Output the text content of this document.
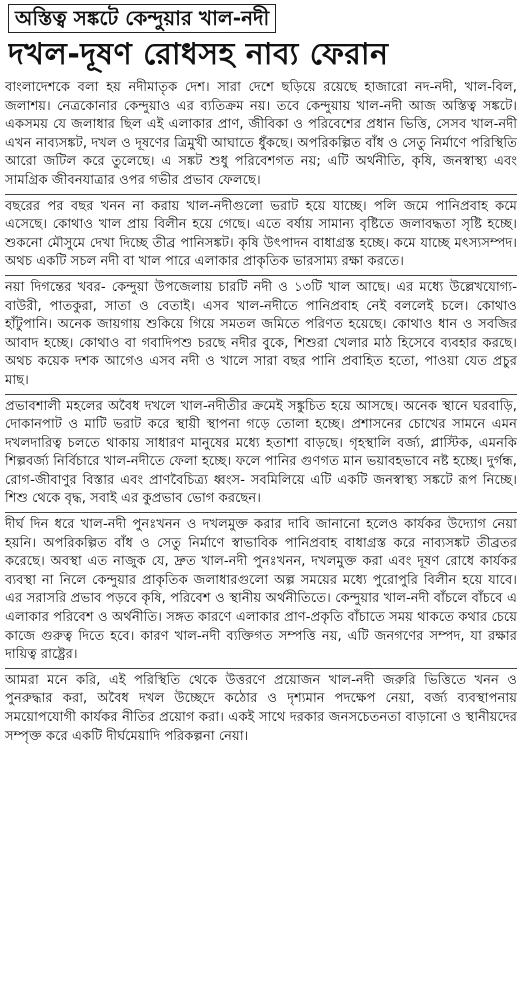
অস্তিত্ব সঙ্কটে কেন্দুয়ার খাল-নদী
দখল-দূষণ রোধসহ নাব্য ফেরান

বাংলাদেশকে বলা হয় নদীমাতৃক দেশ। সারা দেশে ছড়িয়ে রয়েছে হাজারো নদ-নদী, খাল-বিল, জলাশয়। নেত্রকোনার কেন্দুয়াও এর ব্যতিক্রম নয়। তবে কেন্দুয়ায় খাল-নদী আজ অস্তিত্ব সঙ্কটে। একসময় যে জলাধার ছিল এই এলাকার প্রাণ, জীবিকা ও পরিবেশের প্রধান ভিত্তি, সেসব খাল-নদী এখন নাব্যসঙ্কট, দখল ও দূষণের ত্রিমুখী আঘাতে ধুঁকছে। অপরিকল্পিত বাঁধ ও সেতু নির্মাণে পরিস্থিতি আরো জটিল করে তুলেছে। এ সঙ্কট শুধু পরিবেশগত নয়; এটি অর্থনীতি, কৃষি, জনস্বাস্থ্য এবং সামগ্রিক জীবনযাত্রার ওপর গভীর প্রভাব ফেলছে।

বছরের পর বছর খনন না করায় খাল-নদীগুলো ভরাট হয়ে যাচ্ছে। পলি জমে পানিপ্রবাহ কমে এসেছে। কোথাও খাল প্রায় বিলীন হয়ে গেছে। এতে বর্ষায় সামান্য বৃষ্টিতে জলাবদ্ধতা সৃষ্টি হচ্ছে। শুকনো মৌসুমে দেখা দিচ্ছে তীব্র পানিসঙ্কট। কৃষি উৎপাদন বাধাগ্রস্ত হচ্ছে। কমে যাচ্ছে মৎস্যসম্পদ। অথচ একটি সচল নদী বা খাল পারে এলাকার প্রাকৃতিক ভারসাম্য রক্ষা করতে।

নয়া দিগন্তের খবর- কেন্দুয়া উপজেলায় চারটি নদী ও ১৩টি খাল আছে। এর মধ্যে উল্লেখযোগ্য- বাউরী, পাতকুরা, সাতা ও বেতাই। এসব খাল-নদীতে পানিপ্রবাহ নেই বললেই চলে। কোথাও হাঁটুপানি। অনেক জায়গায় শুকিয়ে গিয়ে সমতল জমিতে পরিণত হয়েছে। কোথাও ধান ও সবজির আবাদ হচ্ছে। কোথাও বা গবাদিপশু চরছে নদীর বুকে, শিশুরা খেলার মাঠ হিসেবে ব্যবহার করছে। অথচ কয়েক দশক আগেও এসব নদী ও খালে সারা বছর পানি প্রবাহিত হতো, পাওয়া যেত প্রচুর মাছ।

প্রভাবশালী মহলের অবৈধ দখলে খাল-নদীতীর ক্রমেই সঙ্কুচিত হয়ে আসছে। অনেক স্থানে ঘরবাড়ি, দোকানপাট ও মাটি ভরাট করে স্থায়ী স্থাপনা গড়ে তোলা হচ্ছে। প্রশাসনের চোখের সামনে এমন দখলদারিত্ব চলতে থাকায় সাধারণ মানুষের মধ্যে হতাশা বাড়ছে। গৃহস্থালি বর্জ্য, প্লাস্টিক, এমনকি শিল্পবর্জ্য নির্বিচারে খাল-নদীতে ফেলা হচ্ছে। ফলে পানির গুণগত মান ভয়াবহভাবে নষ্ট হচ্ছে। দুর্গন্ধ, রোগ-জীবাণুর বিস্তার এবং প্রাণবৈচিত্র্য ধ্বংস- সবমিলিয়ে এটি একটি জনস্বাস্থ্য সঙ্কটে রূপ নিচ্ছে। শিশু থেকে বৃদ্ধ, সবাই এর কুপ্রভাব ভোগ করছেন।

দীর্ঘ দিন ধরে খাল-নদী পুনঃখনন ও দখলমুক্ত করার দাবি জানানো হলেও কার্যকর উদ্যোগ নেয়া হয়নি। অপরিকল্পিত বাঁধ ও সেতু নির্মাণে স্বাভাবিক পানিপ্রবাহ বাধাগ্রস্ত করে নাব্যসঙ্কট তীব্রতর করেছে। অবস্থা এত নাজুক যে, দ্রুত খাল-নদী পুনঃখনন, দখলমুক্ত করা এবং দূষণ রোধে কার্যকর ব্যবস্থা না নিলে কেন্দুয়ার প্রাকৃতিক জলাধারগুলো অল্প সময়ের মধ্যে পুরোপুরি বিলীন হয়ে যাবে। এর সরাসরি প্রভাব পড়বে কৃষি, পরিবেশ ও স্থানীয় অর্থনীতিতে। কেন্দুয়ার খাল-নদী বাঁচলে বাঁচবে এ এলাকার পরিবেশ ও অর্থনীতি। সঙ্গত কারণে এলাকার প্রাণ-প্রকৃতি বাঁচাতে সময় থাকতে কথার চেয়ে কাজে গুরুত্ব দিতে হবে। কারণ খাল-নদী ব্যক্তিগত সম্পত্তি নয়, এটি জনগণের সম্পদ, যা রক্ষার দায়িত্ব রাষ্ট্রের।

আমরা মনে করি, এই পরিস্থিতি থেকে উত্তরণে প্রয়োজন খাল-নদী জরুরি ভিত্তিতে খনন ও পুনরুদ্ধার করা, অবৈধ দখল উচ্ছেদে কঠোর ও দৃশ্যমান পদক্ষেপ নেয়া, বর্জ্য ব্যবস্থাপনায় সময়োপযোগী কার্যকর নীতির প্রয়োগ করা। একই সাথে দরকার জনসচেতনতা বাড়ানো ও স্থানীয়দের সম্পৃক্ত করে একটি দীর্ঘমেয়াদি পরিকল্পনা নেয়া।
